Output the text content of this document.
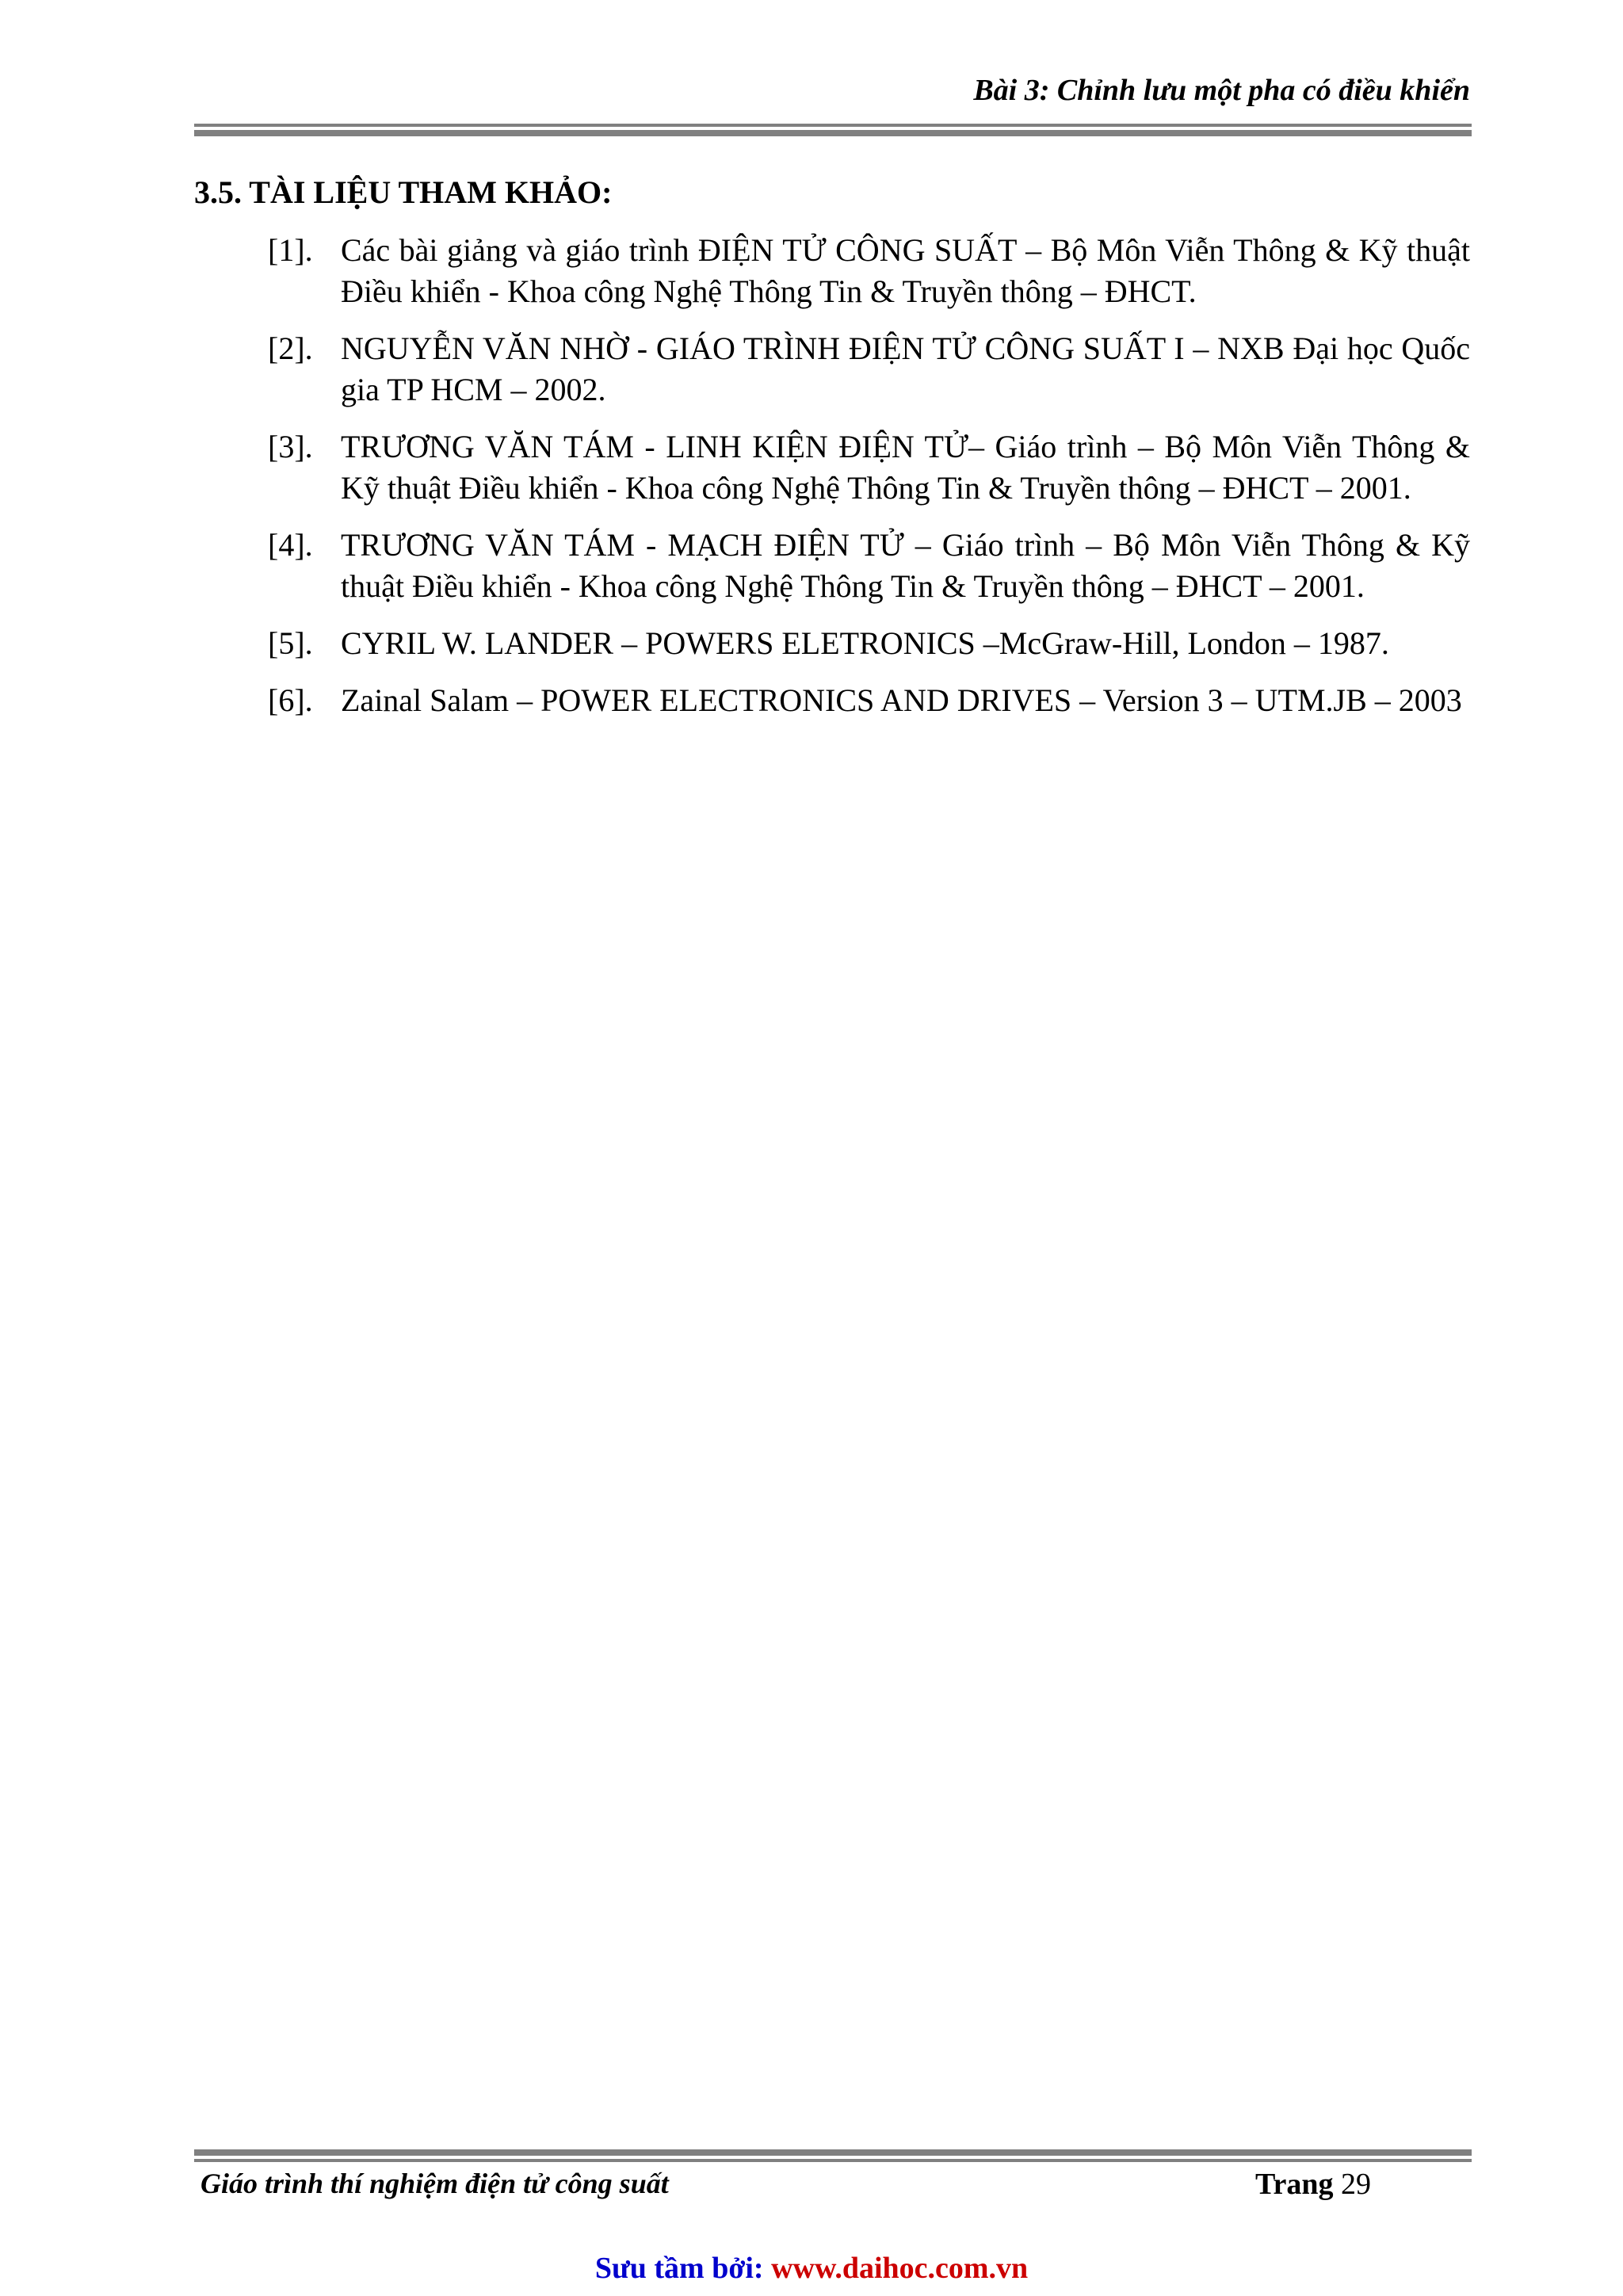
Bài 3: Chỉnh lưu một pha có điều khiển
3.5. TÀI LIỆU THAM KHẢO:
[1]. Các bài giảng và giáo trình ĐIỆN TỬ CÔNG SUẤT – Bộ Môn Viễn Thông & Kỹ thuật Điều khiển - Khoa công Nghệ Thông Tin & Truyền thông – ĐHCT.
[2]. NGUYỄN VĂN NHỜ - GIÁO TRÌNH ĐIỆN TỬ CÔNG SUẤT I – NXB Đại học Quốc gia TP HCM – 2002.
[3]. TRƯƠNG VĂN TÁM - LINH KIỆN ĐIỆN TỬ– Giáo trình – Bộ Môn Viễn Thông & Kỹ thuật Điều khiển - Khoa công Nghệ Thông Tin & Truyền thông – ĐHCT – 2001.
[4]. TRƯƠNG VĂN TÁM - MẠCH ĐIỆN TỬ – Giáo trình – Bộ Môn Viễn Thông & Kỹ thuật Điều khiển - Khoa công Nghệ Thông Tin & Truyền thông – ĐHCT – 2001.
[5]. CYRIL W. LANDER – POWERS ELETRONICS –McGraw-Hill, London – 1987.
[6]. Zainal Salam – POWER ELECTRONICS AND DRIVES – Version 3 – UTM.JB – 2003
Giáo trình thí nghiệm điện tử công suất	Trang 29
Sưu tầm bởi: www.daihoc.com.vn
